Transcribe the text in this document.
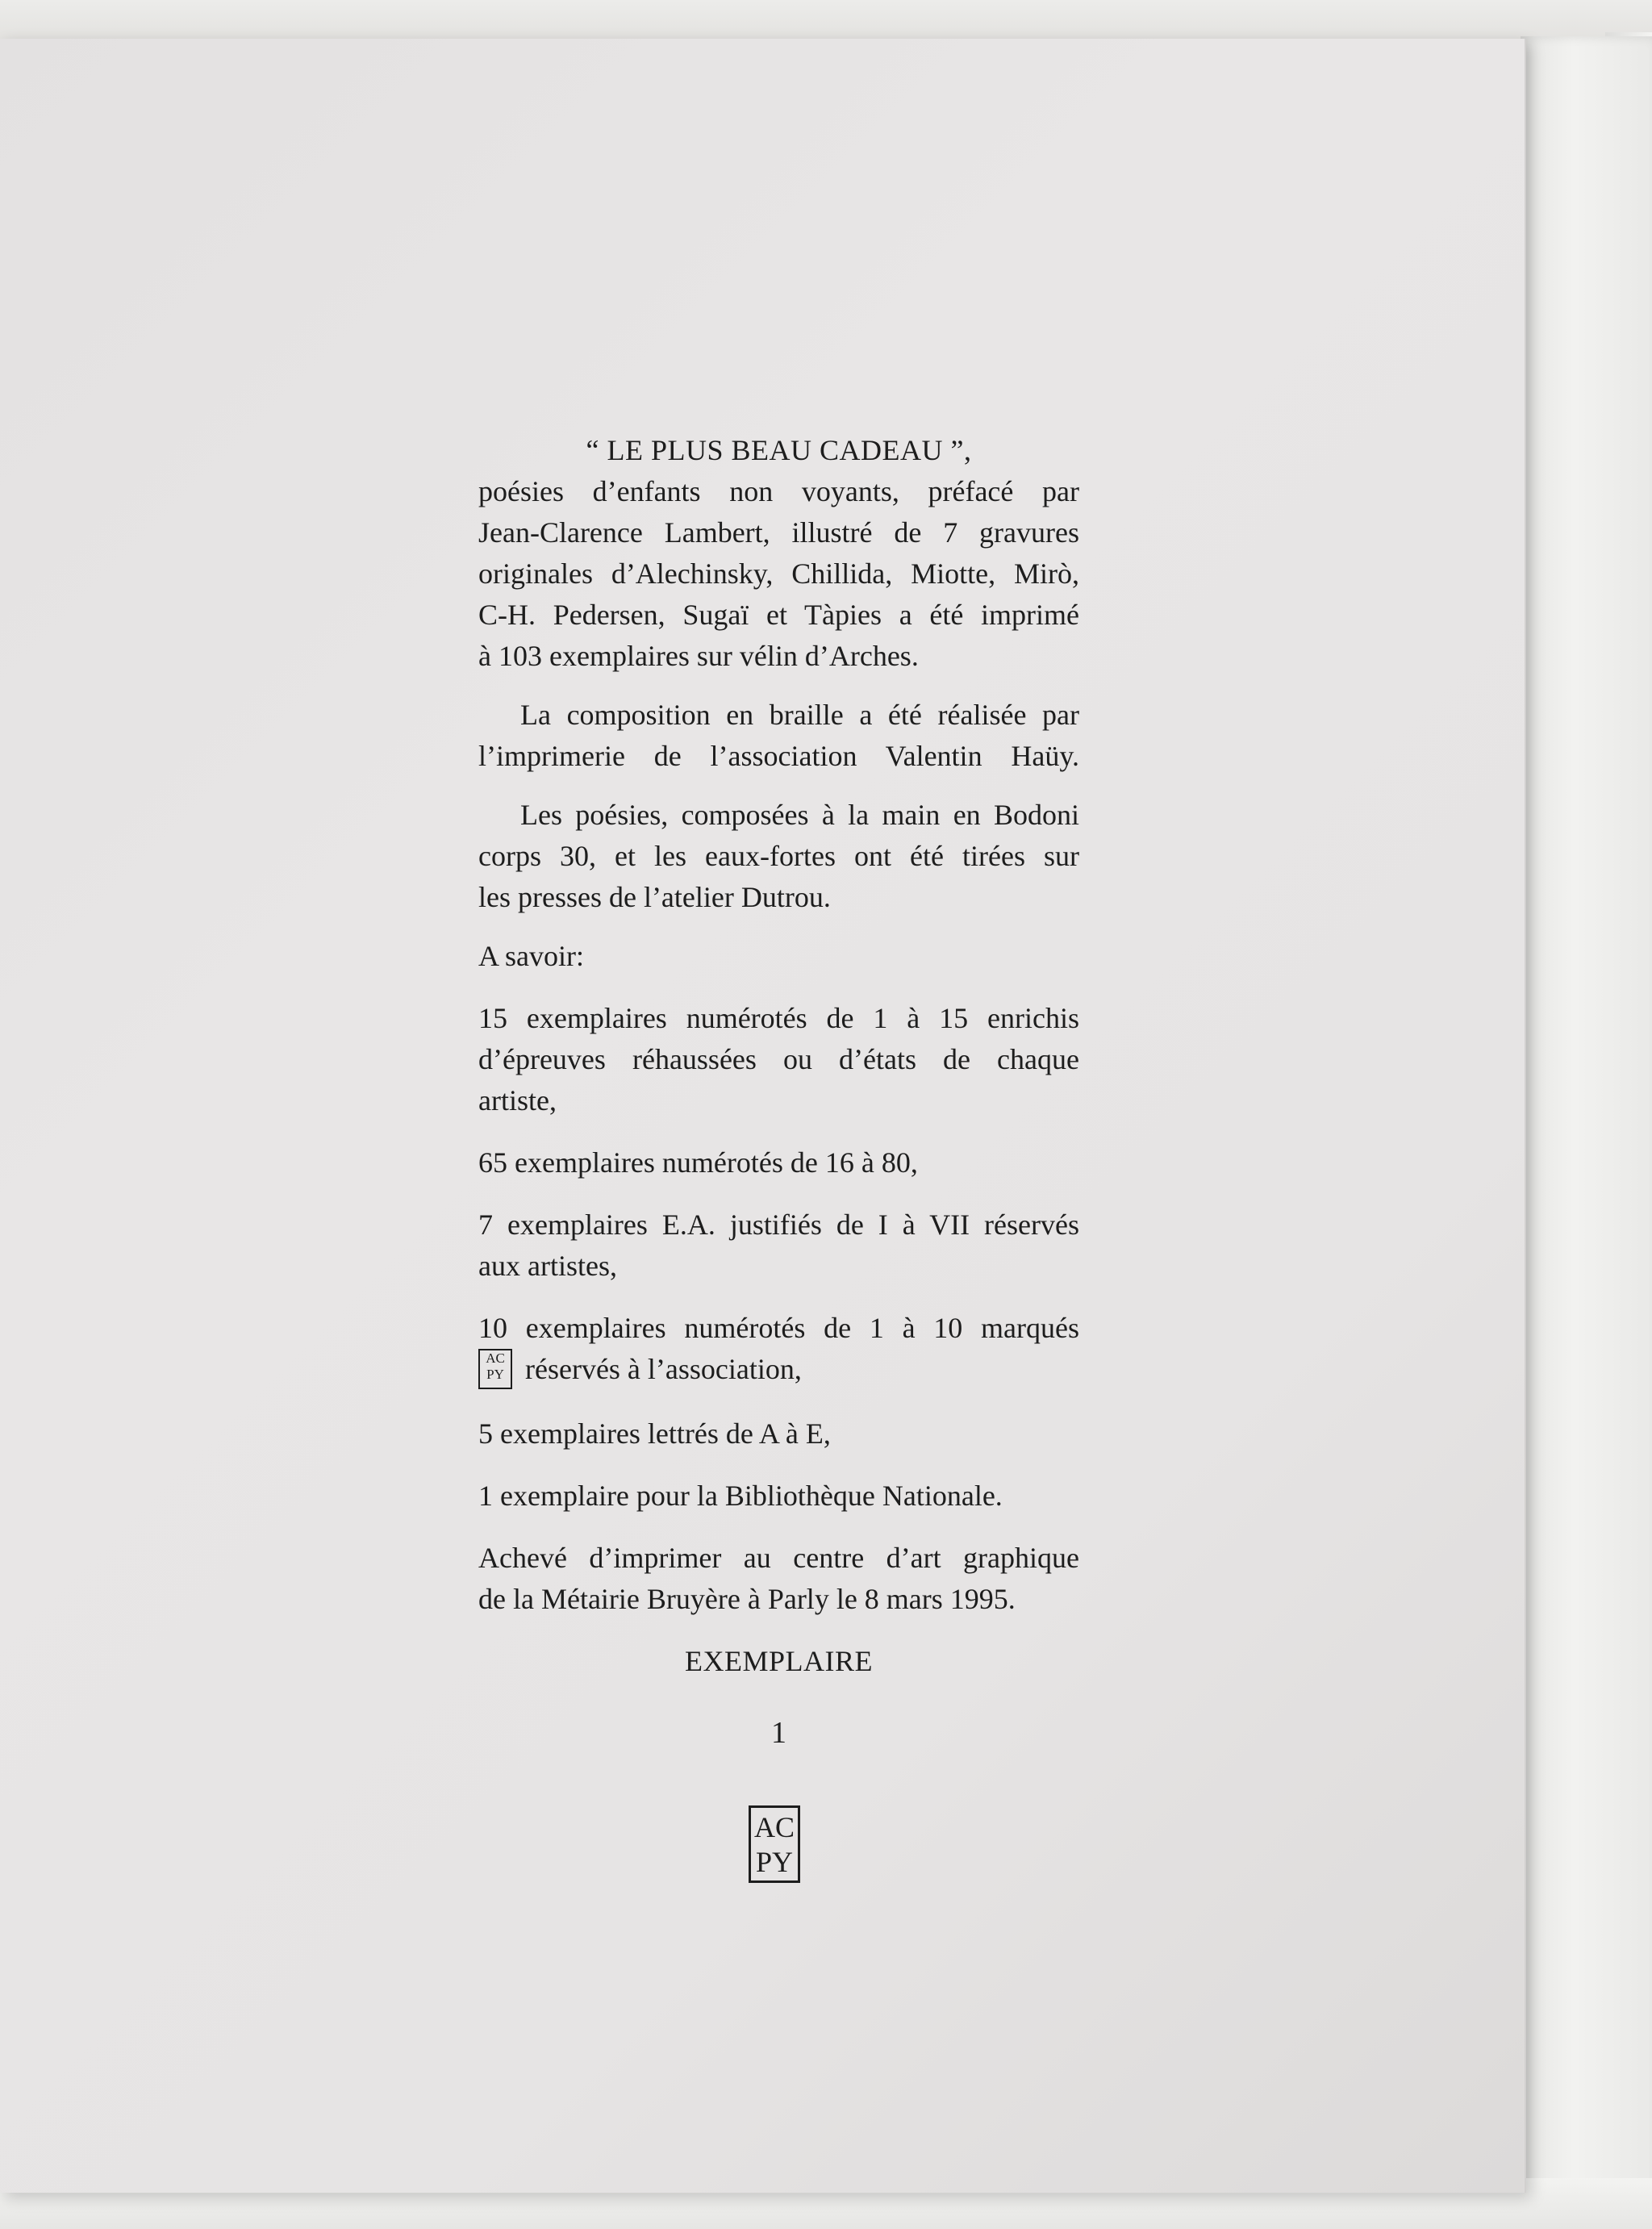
“ LE PLUS BEAU CADEAU ”,
poésies d’enfants non voyants, préfacé par
Jean-Clarence Lambert, illustré de 7 gravures
originales d’Alechinsky, Chillida, Miotte, Mirò,
C-H. Pedersen, Sugaï et Tàpies a été imprimé
à 103 exemplaires sur vélin d’Arches.
La composition en braille a été réalisée par
l’imprimerie de l’association Valentin Haüy.
Les poésies, composées à la main en Bodoni
corps 30, et les eaux-fortes ont été tirées sur
les presses de l’atelier Dutrou.
A savoir:
15 exemplaires numérotés de 1 à 15 enrichis
d’épreuves réhaussées ou d’états de chaque
artiste,
65 exemplaires numérotés de 16 à 80,
7 exemplaires E.A. justifiés de I à VII réservés
aux artistes,
10 exemplaires numérotés de 1 à 10 marqués
AC
PY réservés à l’association,
5 exemplaires lettrés de A à E,
1 exemplaire pour la Bibliothèque Nationale.
Achevé d’imprimer au centre d’art graphique
de la Métairie Bruyère à Parly le 8 mars 1995.
EXEMPLAIRE
1
AC
PY
